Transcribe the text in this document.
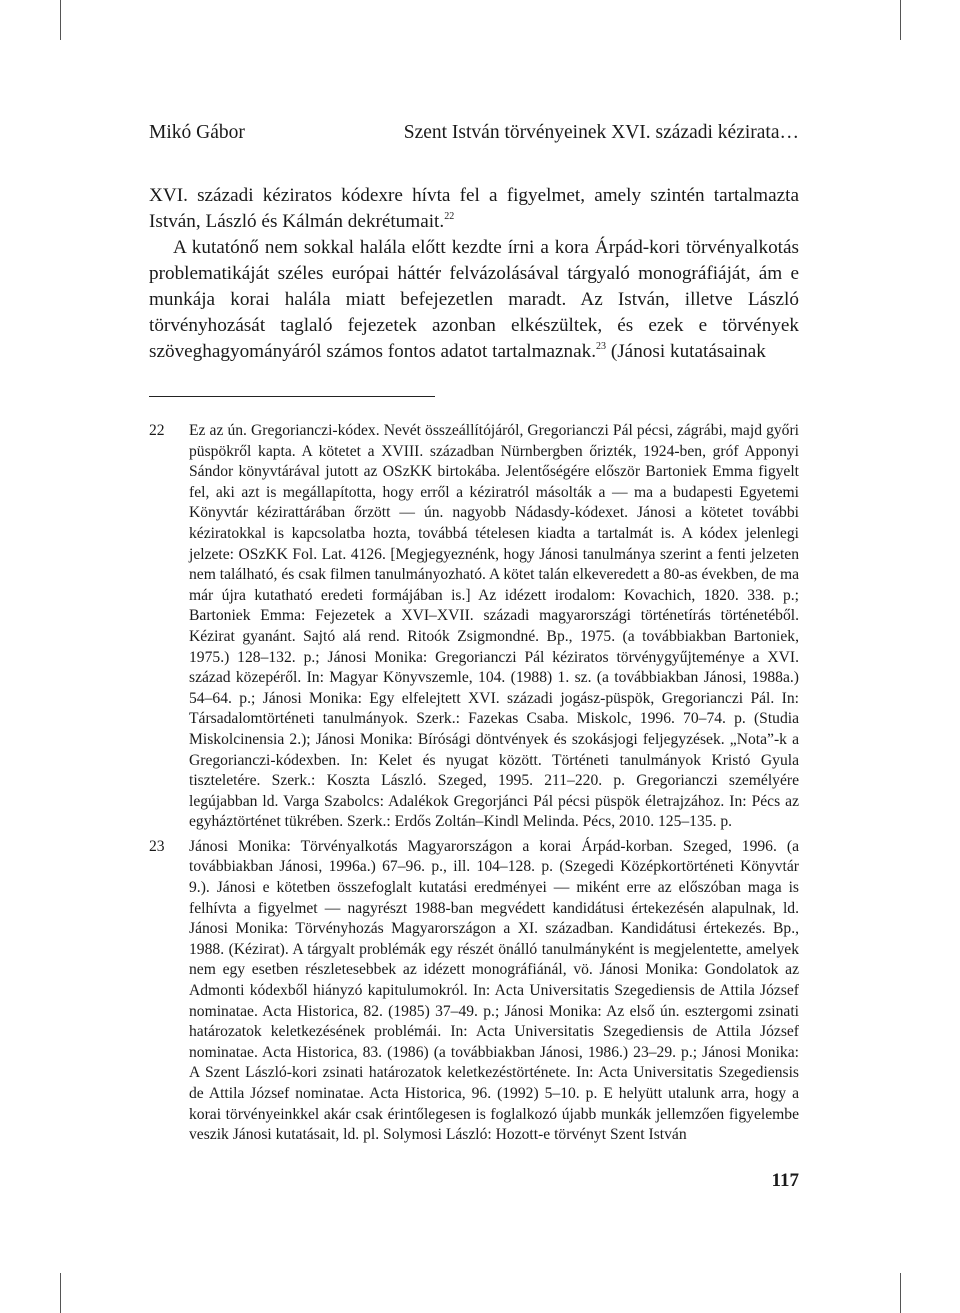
Mikó Gábor	Szent István törvényeinek XVI. századi kézirata…

XVI. századi kéziratos kódexre hívta fel a figyelmet, amely szintén tartalmazta István, László és Kálmán dekrétumait.$^{22}$

A kutatónő nem sokkal halála előtt kezdte írni a kora Árpád-kori törvényalkotás problematikáját széles európai háttér felvázolásával tárgyaló monográfiáját, ám e munkája korai halála miatt befejezetlen maradt. Az István, illetve László törvényhozását taglaló fejezetek azonban elkészültek, és ezek e törvények szöveghagyományáról számos fontos adatot tartalmaznak.$^{23}$ (Jánosi kutatásainak

22	Ez az ún. Gregorianczi-kódex. Nevét összeállítójáról, Gregorianczi Pál pécsi, zágrábi, majd győri püspökről kapta. A kötetet a XVIII. században Nürnbergben őrizték, 1924-ben, gróf Apponyi Sándor könyvtárával jutott az OSzKK birtokába. Jelentőségére először Bartoniek Emma figyelt fel, aki azt is megállapította, hogy erről a kéziratról másolták a — ma a budapesti Egyetemi Könyvtár kézirattárában őrzött — ún. nagyobb Nádasdy-kódexet. Jánosi a kötetet további kéziratokkal is kapcsolatba hozta, továbbá tételesen kiadta a tartalmát is. A kódex jelenlegi jelzete: OSzKK Fol. Lat. 4126. [Megjegyeznénk, hogy Jánosi tanulmánya szerint a fenti jelzeten nem található, és csak filmen tanulmányozható. A kötet talán elkeveredett a 80-as években, de ma már újra kutatható eredeti formájában is.] Az idézett irodalom: Kovachich, 1820. 338. p.; Bartoniek Emma: Fejezetek a XVI–XVII. századi magyarországi történetírás történetéből. Kézirat gyanánt. Sajtó alá rend. Ritoók Zsigmondné. Bp., 1975. (a továbbiakban Bartoniek, 1975.) 128–132. p.; Jánosi Monika: Gregorianczi Pál kéziratos törvénygyűjteménye a XVI. század közepéről. In: Magyar Könyvszemle, 104. (1988) 1. sz. (a továbbiakban Jánosi, 1988a.) 54–64. p.; Jánosi Monika: Egy elfelejtett XVI. századi jogász-püspök, Gregorianczi Pál. In: Társadalomtörténeti tanulmányok. Szerk.: Fazekas Csaba. Miskolc, 1996. 70–74. p. (Studia Miskolcinensia 2.); Jánosi Monika: Bírósági döntvények és szokásjogi feljegyzések. „Nota”-k a Gregorianczi-kódexben. In: Kelet és nyugat között. Történeti tanulmányok Kristó Gyula tiszteletére. Szerk.: Koszta László. Szeged, 1995. 211–220. p. Gregorianczi személyére legújabban ld. Varga Szabolcs: Adalékok Gregorjánci Pál pécsi püspök életrajzához. In: Pécs az egyháztörténet tükrében. Szerk.: Erdős Zoltán–Kindl Melinda. Pécs, 2010. 125–135. p.
23	Jánosi Monika: Törvényalkotás Magyarországon a korai Árpád-korban. Szeged, 1996. (a továbbiakban Jánosi, 1996a.) 67–96. p., ill. 104–128. p. (Szegedi Középkortörténeti Könyvtár 9.). Jánosi e kötetben összefoglalt kutatási eredményei — miként erre az előszóban maga is felhívta a figyelmet — nagyrészt 1988-ban megvédett kandidátusi értekezésén alapulnak, ld. Jánosi Monika: Törvényhozás Magyarországon a XI. században. Kandidátusi értekezés. Bp., 1988. (Kézirat). A tárgyalt problémák egy részét önálló tanulmányként is megjelentette, amelyek nem egy esetben részletesebbek az idézett monográfiánál, vö. Jánosi Monika: Gondolatok az Admonti kódexből hiányzó kapitulumokról. In: Acta Universitatis Szegediensis de Attila József nominatae. Acta Historica, 82. (1985) 37–49. p.; Jánosi Monika: Az első ún. esztergomi zsinati határozatok keletkezésének problémái. In: Acta Universitatis Szegediensis de Attila József nominatae. Acta Historica, 83. (1986) (a továbbiakban Jánosi, 1986.) 23–29. p.; Jánosi Monika: A Szent László-kori zsinati határozatok keletkezéstörténete. In: Acta Universitatis Szegediensis de Attila József nominatae. Acta Historica, 96. (1992) 5–10. p. E helyütt utalunk arra, hogy a korai törvényeinkkel akár csak érintőlegesen is foglalkozó újabb munkák jellemzően figyelembe veszik Jánosi kutatásait, ld. pl. Solymosi László: Hozott-e törvényt Szent István
117
